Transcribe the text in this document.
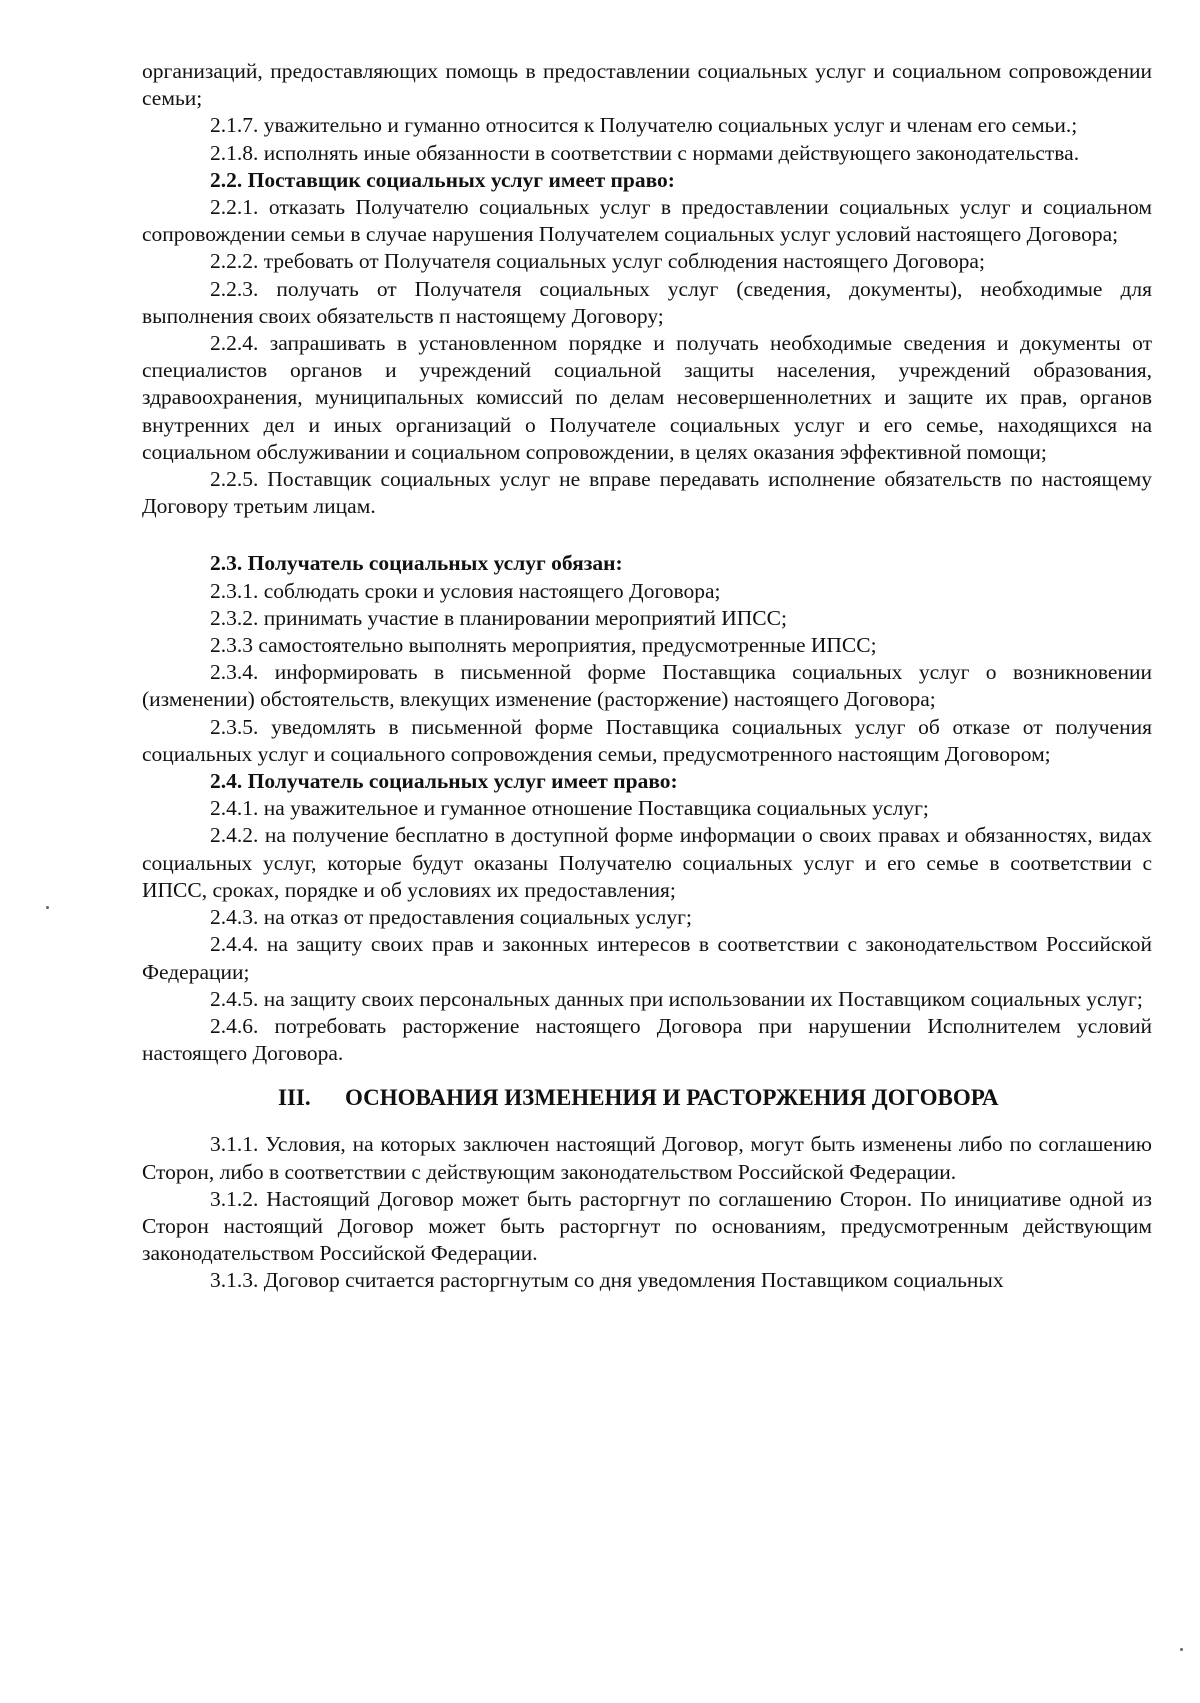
организаций, предоставляющих помощь в предоставлении социальных услуг и социальном сопровождении семьи;

2.1.7. уважительно и гуманно относится к Получателю социальных услуг и членам его семьи.;

2.1.8. исполнять иные обязанности в соответствии с нормами действующего законодательства.

2.2. Поставщик социальных услуг имеет право:

2.2.1. отказать Получателю социальных услуг в предоставлении социальных услуг и социальном сопровождении семьи в случае нарушения Получателем социальных услуг условий настоящего Договора;

2.2.2. требовать от Получателя социальных услуг соблюдения настоящего Договора;

2.2.3. получать от Получателя социальных услуг (сведения, документы), необходимые для выполнения своих обязательств п настоящему Договору;

2.2.4. запрашивать в установленном порядке и получать необходимые сведения и документы от специалистов органов и учреждений социальной защиты населения, учреждений образования, здравоохранения, муниципальных комиссий по делам несовершеннолетних и защите их прав, органов внутренних дел и иных организаций о Получателе социальных услуг и его семье, находящихся на социальном обслуживании и социальном сопровождении, в целях оказания эффективной помощи;

2.2.5. Поставщик социальных услуг не вправе передавать исполнение обязательств по настоящему Договору третьим лицам.

2.3. Получатель социальных услуг обязан:

2.3.1. соблюдать сроки и условия настоящего Договора;

2.3.2. принимать участие в планировании мероприятий ИПСС;

2.3.3 самостоятельно выполнять мероприятия, предусмотренные ИПСС;

2.3.4. информировать в письменной форме Поставщика социальных услуг о возникновении (изменении) обстоятельств, влекущих изменение (расторжение) настоящего Договора;

2.3.5. уведомлять в письменной форме Поставщика социальных услуг об отказе от получения социальных услуг и социального сопровождения семьи, предусмотренного настоящим Договором;

2.4. Получатель социальных услуг имеет право:

2.4.1. на уважительное и гуманное отношение Поставщика социальных услуг;

2.4.2. на получение бесплатно в доступной форме информации о своих правах и обязанностях, видах социальных услуг, которые будут оказаны Получателю социальных услуг и его семье в соответствии с ИПСС, сроках, порядке и об условиях их предоставления;

2.4.3. на отказ от предоставления социальных услуг;

2.4.4. на защиту своих прав и законных интересов в соответствии с законодательством Российской Федерации;

2.4.5. на защиту своих персональных данных при использовании их Поставщиком социальных услуг;

2.4.6. потребовать расторжение настоящего Договора при нарушении Исполнителем условий настоящего Договора.

III.	ОСНОВАНИЯ ИЗМЕНЕНИЯ И РАСТОРЖЕНИЯ ДОГОВОРА

3.1.1. Условия, на которых заключен настоящий Договор, могут быть изменены либо по соглашению Сторон, либо в соответствии с действующим законодательством Российской Федерации.

3.1.2. Настоящий Договор может быть расторгнут по соглашению Сторон. По инициативе одной из Сторон настоящий Договор может быть расторгнут по основаниям, предусмотренным действующим законодательством Российской Федерации.

3.1.3. Договор считается расторгнутым со дня уведомления Поставщиком социальных
